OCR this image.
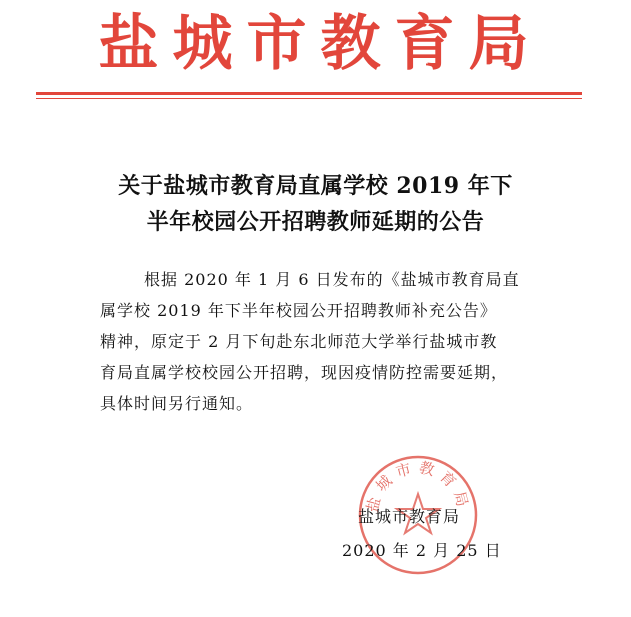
盐城市教育局
关于盐城市教育局直属学校 2019 年下
半年校园公开招聘教师延期的公告
根据 2020 年 1 月 6 日发布的《盐城市教育局直
属学校 2019 年下半年校园公开招聘教师补充公告》
精神，原定于 2 月下旬赴东北师范大学举行盐城市教
育局直属学校校园公开招聘，现因疫情防控需要延期，
具体时间另行通知。
盐城市教育局
盐城市教育局
2020 年 2 月 25 日
